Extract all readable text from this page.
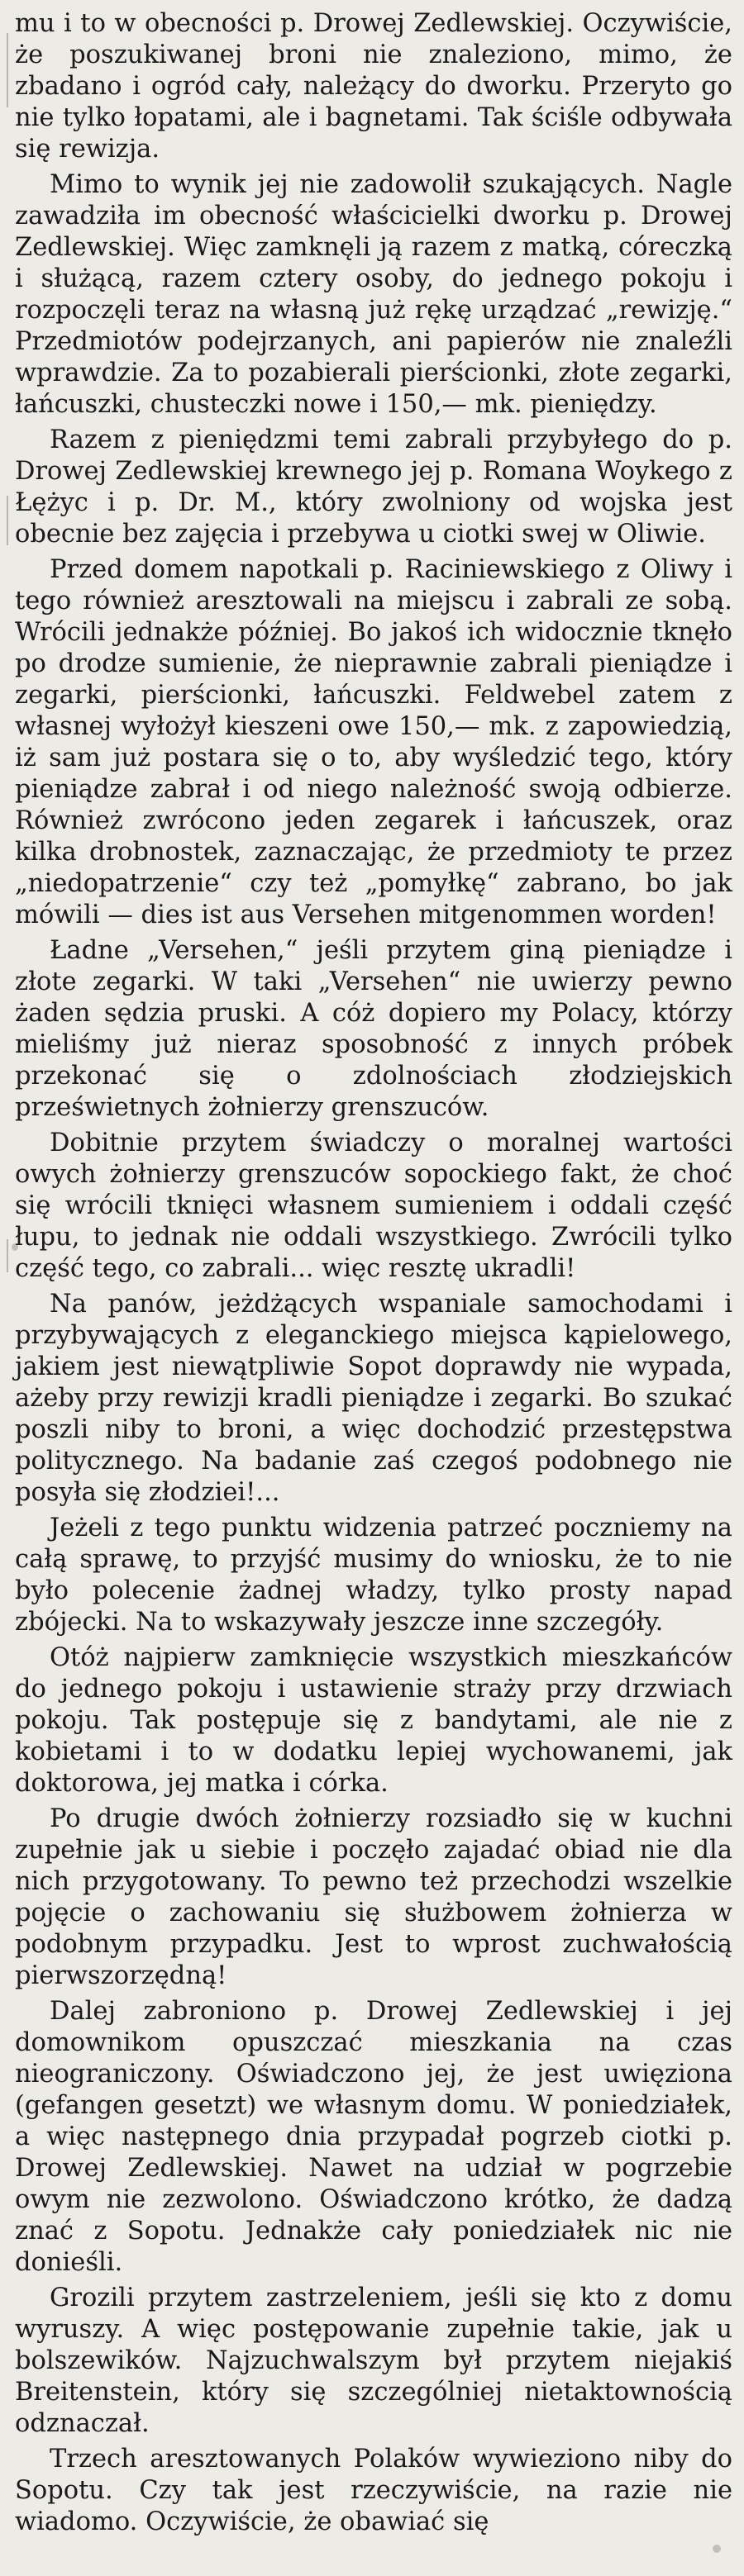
mu i to w obecności p. Drowej Zedlewskiej. Oczywiście, że poszukiwanej broni nie znaleziono, mimo, że zbadano i ogród cały, należący do dworku. Przeryto go nie tylko łopatami, ale i bagnetami. Tak ściśle odbywała się rewizja.

Mimo to wynik jej nie zadowolił szukających. Nagle zawadziła im obecność właścicielki dworku p. Drowej Zedlewskiej. Więc zamknęli ją razem z matką, córeczką i służącą, razem cztery osoby, do jednego pokoju i rozpoczęli teraz na własną już rękę urządzać „rewizję.“ Przedmiotów podejrzanych, ani papierów nie znaleźli wprawdzie. Za to pozabierali pierścionki, złote zegarki, łańcuszki, chusteczki nowe i 150,— mk. pieniędzy.

Razem z pieniędzmi temi zabrali przybyłego do p. Drowej Zedlewskiej krewnego jej p. Romana Woykego z Łężyc i p. Dr. M., który zwolniony od wojska jest obecnie bez zajęcia i przebywa u ciotki swej w Oliwie.

Przed domem napotkali p. Raciniewskiego z Oliwy i tego również aresztowali na miejscu i zabrali ze sobą. Wrócili jednakże później. Bo jakoś ich widocznie tknęło po drodze sumienie, że nieprawnie zabrali pieniądze i zegarki, pierścionki, łańcuszki. Feldwebel zatem z własnej wyłożył kieszeni owe 150,— mk. z zapowiedzią, iż sam już postara się o to, aby wyśledzić tego, który pieniądze zabrał i od niego należność swoją odbierze. Również zwrócono jeden zegarek i łańcuszek, oraz kilka drobnostek, zaznaczając, że przedmioty te przez „niedopatrzenie“ czy też „pomyłkę“ zabrano, bo jak mówili — dies ist aus Versehen mitgenommen worden!

Ładne „Versehen,“ jeśli przytem giną pieniądze i złote zegarki. W taki „Versehen“ nie uwierzy pewno żaden sędzia pruski. A cóż dopiero my Polacy, którzy mieliśmy już nieraz sposobność z innych próbek przekonać się o zdolnościach złodziejskich prześwietnych żołnierzy grenszuców.

Dobitnie przytem świadczy o moralnej wartości owych żołnierzy grenszuców sopockiego fakt, że choć się wrócili tknięci własnem sumieniem i oddali część łupu, to jednak nie oddali wszystkiego. Zwrócili tylko część tego, co zabrali... więc resztę ukradli!

Na panów, jeżdżących wspaniale samochodami i przybywających z eleganckiego miejsca kąpielowego, jakiem jest niewątpliwie Sopot doprawdy nie wypada, ażeby przy rewizji kradli pieniądze i zegarki. Bo szukać poszli niby to broni, a więc dochodzić przestępstwa politycznego. Na badanie zaś czegoś podobnego nie posyła się złodziei!...

Jeżeli z tego punktu widzenia patrzeć poczniemy na całą sprawę, to przyjść musimy do wniosku, że to nie było polecenie żadnej władzy, tylko prosty napad zbójecki. Na to wskazywały jeszcze inne szczegóły.

Otóż najpierw zamknięcie wszystkich mieszkańców do jednego pokoju i ustawienie straży przy drzwiach pokoju. Tak postępuje się z bandytami, ale nie z kobietami i to w dodatku lepiej wychowanemi, jak doktorowa, jej matka i córka.

Po drugie dwóch żołnierzy rozsiadło się w kuchni zupełnie jak u siebie i poczęło zajadać obiad nie dla nich przygotowany. To pewno też przechodzi wszelkie pojęcie o zachowaniu się służbowem żołnierza w podobnym przypadku. Jest to wprost zuchwałością pierwszorzędną!

Dalej zabroniono p. Drowej Zedlewskiej i jej domownikom opuszczać mieszkania na czas nieograniczony. Oświadczono jej, że jest uwięziona (gefangen gesetzt) we własnym domu. W poniedziałek, a więc następnego dnia przypadał pogrzeb ciotki p. Drowej Zedlewskiej. Nawet na udział w pogrzebie owym nie zezwolono. Oświadczono krótko, że dadzą znać z Sopotu. Jednakże cały poniedziałek nic nie donieśli.

Grozili przytem zastrzeleniem, jeśli się kto z domu wyruszy. A więc postępowanie zupełnie takie, jak u bolszewików. Najzuchwalszym był przytem niejakiś Breitenstein, który się szczególniej nietaktownością odznaczał.

Trzech aresztowanych Polaków wywieziono niby do Sopotu. Czy tak jest rzeczywiście, na razie nie wiadomo. Oczywiście, że obawiać się
